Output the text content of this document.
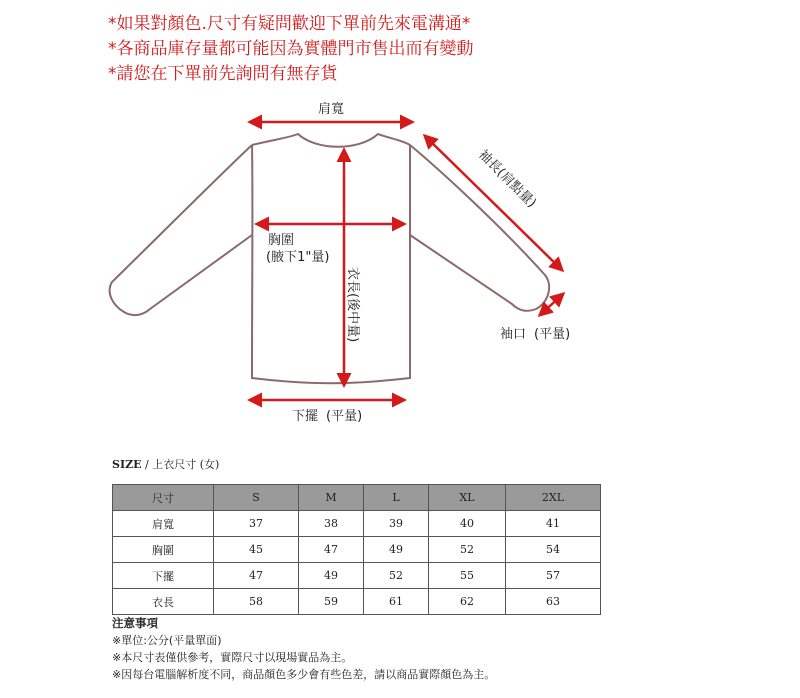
*如果對顏色.尺寸有疑問歡迎下單前先來電溝通*
*各商品庫存量都可能因為實體門市售出而有變動
*請您在下單前先詢問有無存貨
肩寬
胸圍
(腋下1"量)
衣長(後中量)
袖長(肩點量)
袖口 (平量)
下擺 (平量)
SIZE / 上衣尺寸 (女)
尺寸	S	M	L	XL	2XL
肩寬	37	38	39	40	41
胸圍	45	47	49	52	54
下擺	47	49	52	55	57
衣長	58	59	61	62	63
注意事項
※單位:公分(平量單面)
※本尺寸表僅供參考，實際尺寸以現場實品為主。
※因每台電腦解析度不同，商品顏色多少會有些色差，請以商品實際顏色為主。
